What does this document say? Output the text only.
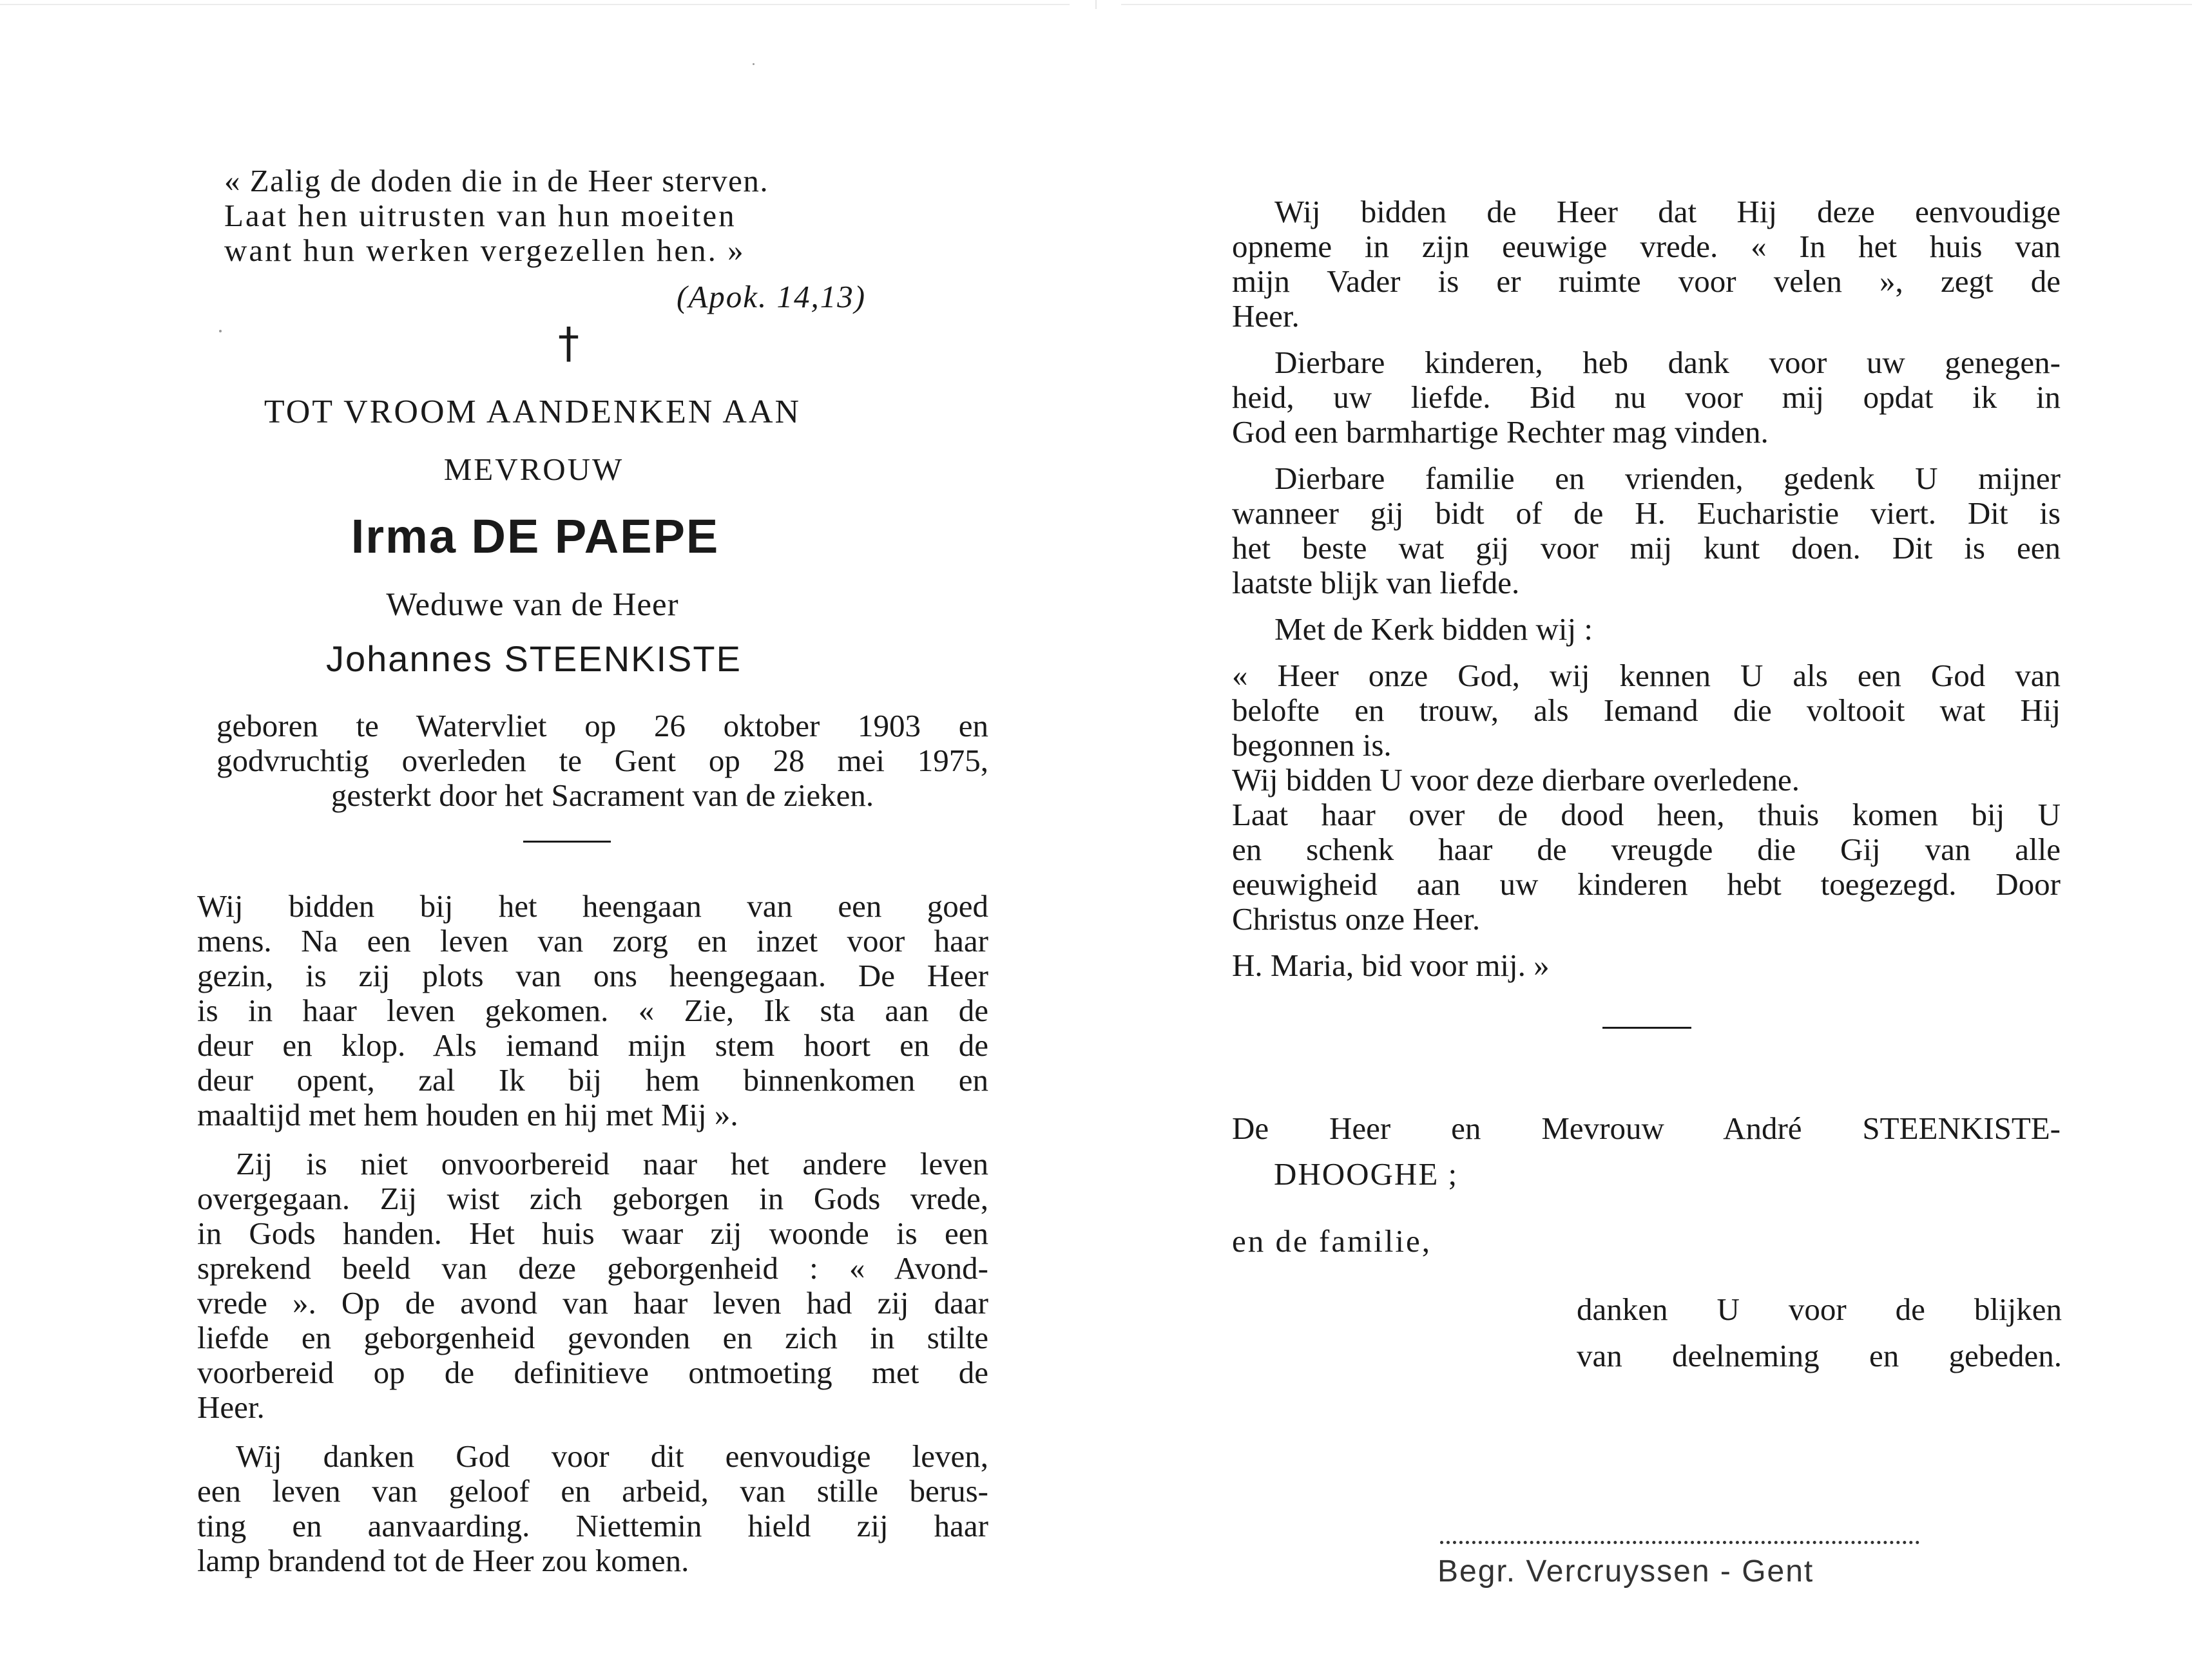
« Zalig de doden die in de Heer sterven.
Laat hen uitrusten van hun moeiten
want hun werken vergezellen hen. »
(Apok. 14,13)
†
TOT VROOM AANDENKEN AAN
MEVROUW
Irma DE PAEPE
Weduwe van de Heer
Johannes STEENKISTE

geboren te Watervliet op 26 oktober 1903 en

godvruchtig overleden te Gent op 28 mei 1975,

gesterkt door het Sacrament van de zieken.

Wij bidden bij het heengaan van een goed

mens. Na een leven van zorg en inzet voor haar

gezin, is zij plots van ons heengegaan. De Heer

is in haar leven gekomen. « Zie, Ik sta aan de

deur en klop. Als iemand mijn stem hoort en de

deur opent, zal Ik bij hem binnenkomen en

maaltijd met hem houden en hij met Mij ».

Zij is niet onvoorbereid naar het andere leven

overgegaan. Zij wist zich geborgen in Gods vrede,

in Gods handen. Het huis waar zij woonde is een

sprekend beeld van deze geborgenheid : « Avond-

vrede ». Op de avond van haar leven had zij daar

liefde en geborgenheid gevonden en zich in stilte

voorbereid op de definitieve ontmoeting met de

Heer.

Wij danken God voor dit eenvoudige leven,

een leven van geloof en arbeid, van stille berus-

ting en aanvaarding. Niettemin hield zij haar

lamp brandend tot de Heer zou komen.

Wij bidden de Heer dat Hij deze eenvoudige

opneme in zijn eeuwige vrede. « In het huis van

mijn Vader is er ruimte voor velen », zegt de

Heer.

Dierbare kinderen, heb dank voor uw genegen-

heid, uw liefde. Bid nu voor mij opdat ik in

God een barmhartige Rechter mag vinden.

Dierbare familie en vrienden, gedenk U mijner

wanneer gij bidt of de H. Eucharistie viert. Dit is

het beste wat gij voor mij kunt doen. Dit is een

laatste blijk van liefde.

Met de Kerk bidden wij :

« Heer onze God, wij kennen U als een God van

belofte en trouw, als Iemand die voltooit wat Hij

begonnen is.

Wij bidden U voor deze dierbare overledene.

Laat haar over de dood heen, thuis komen bij U

en schenk haar de vreugde die Gij van alle

eeuwigheid aan uw kinderen hebt toegezegd. Door

Christus onze Heer.

H. Maria, bid voor mij. »

De Heer en Mevrouw André STEENKISTE-

DHOOGHE ;
en de familie,
danken U voor de blijken
van deelneming en gebeden.
Begr. Vercruyssen - Gent
